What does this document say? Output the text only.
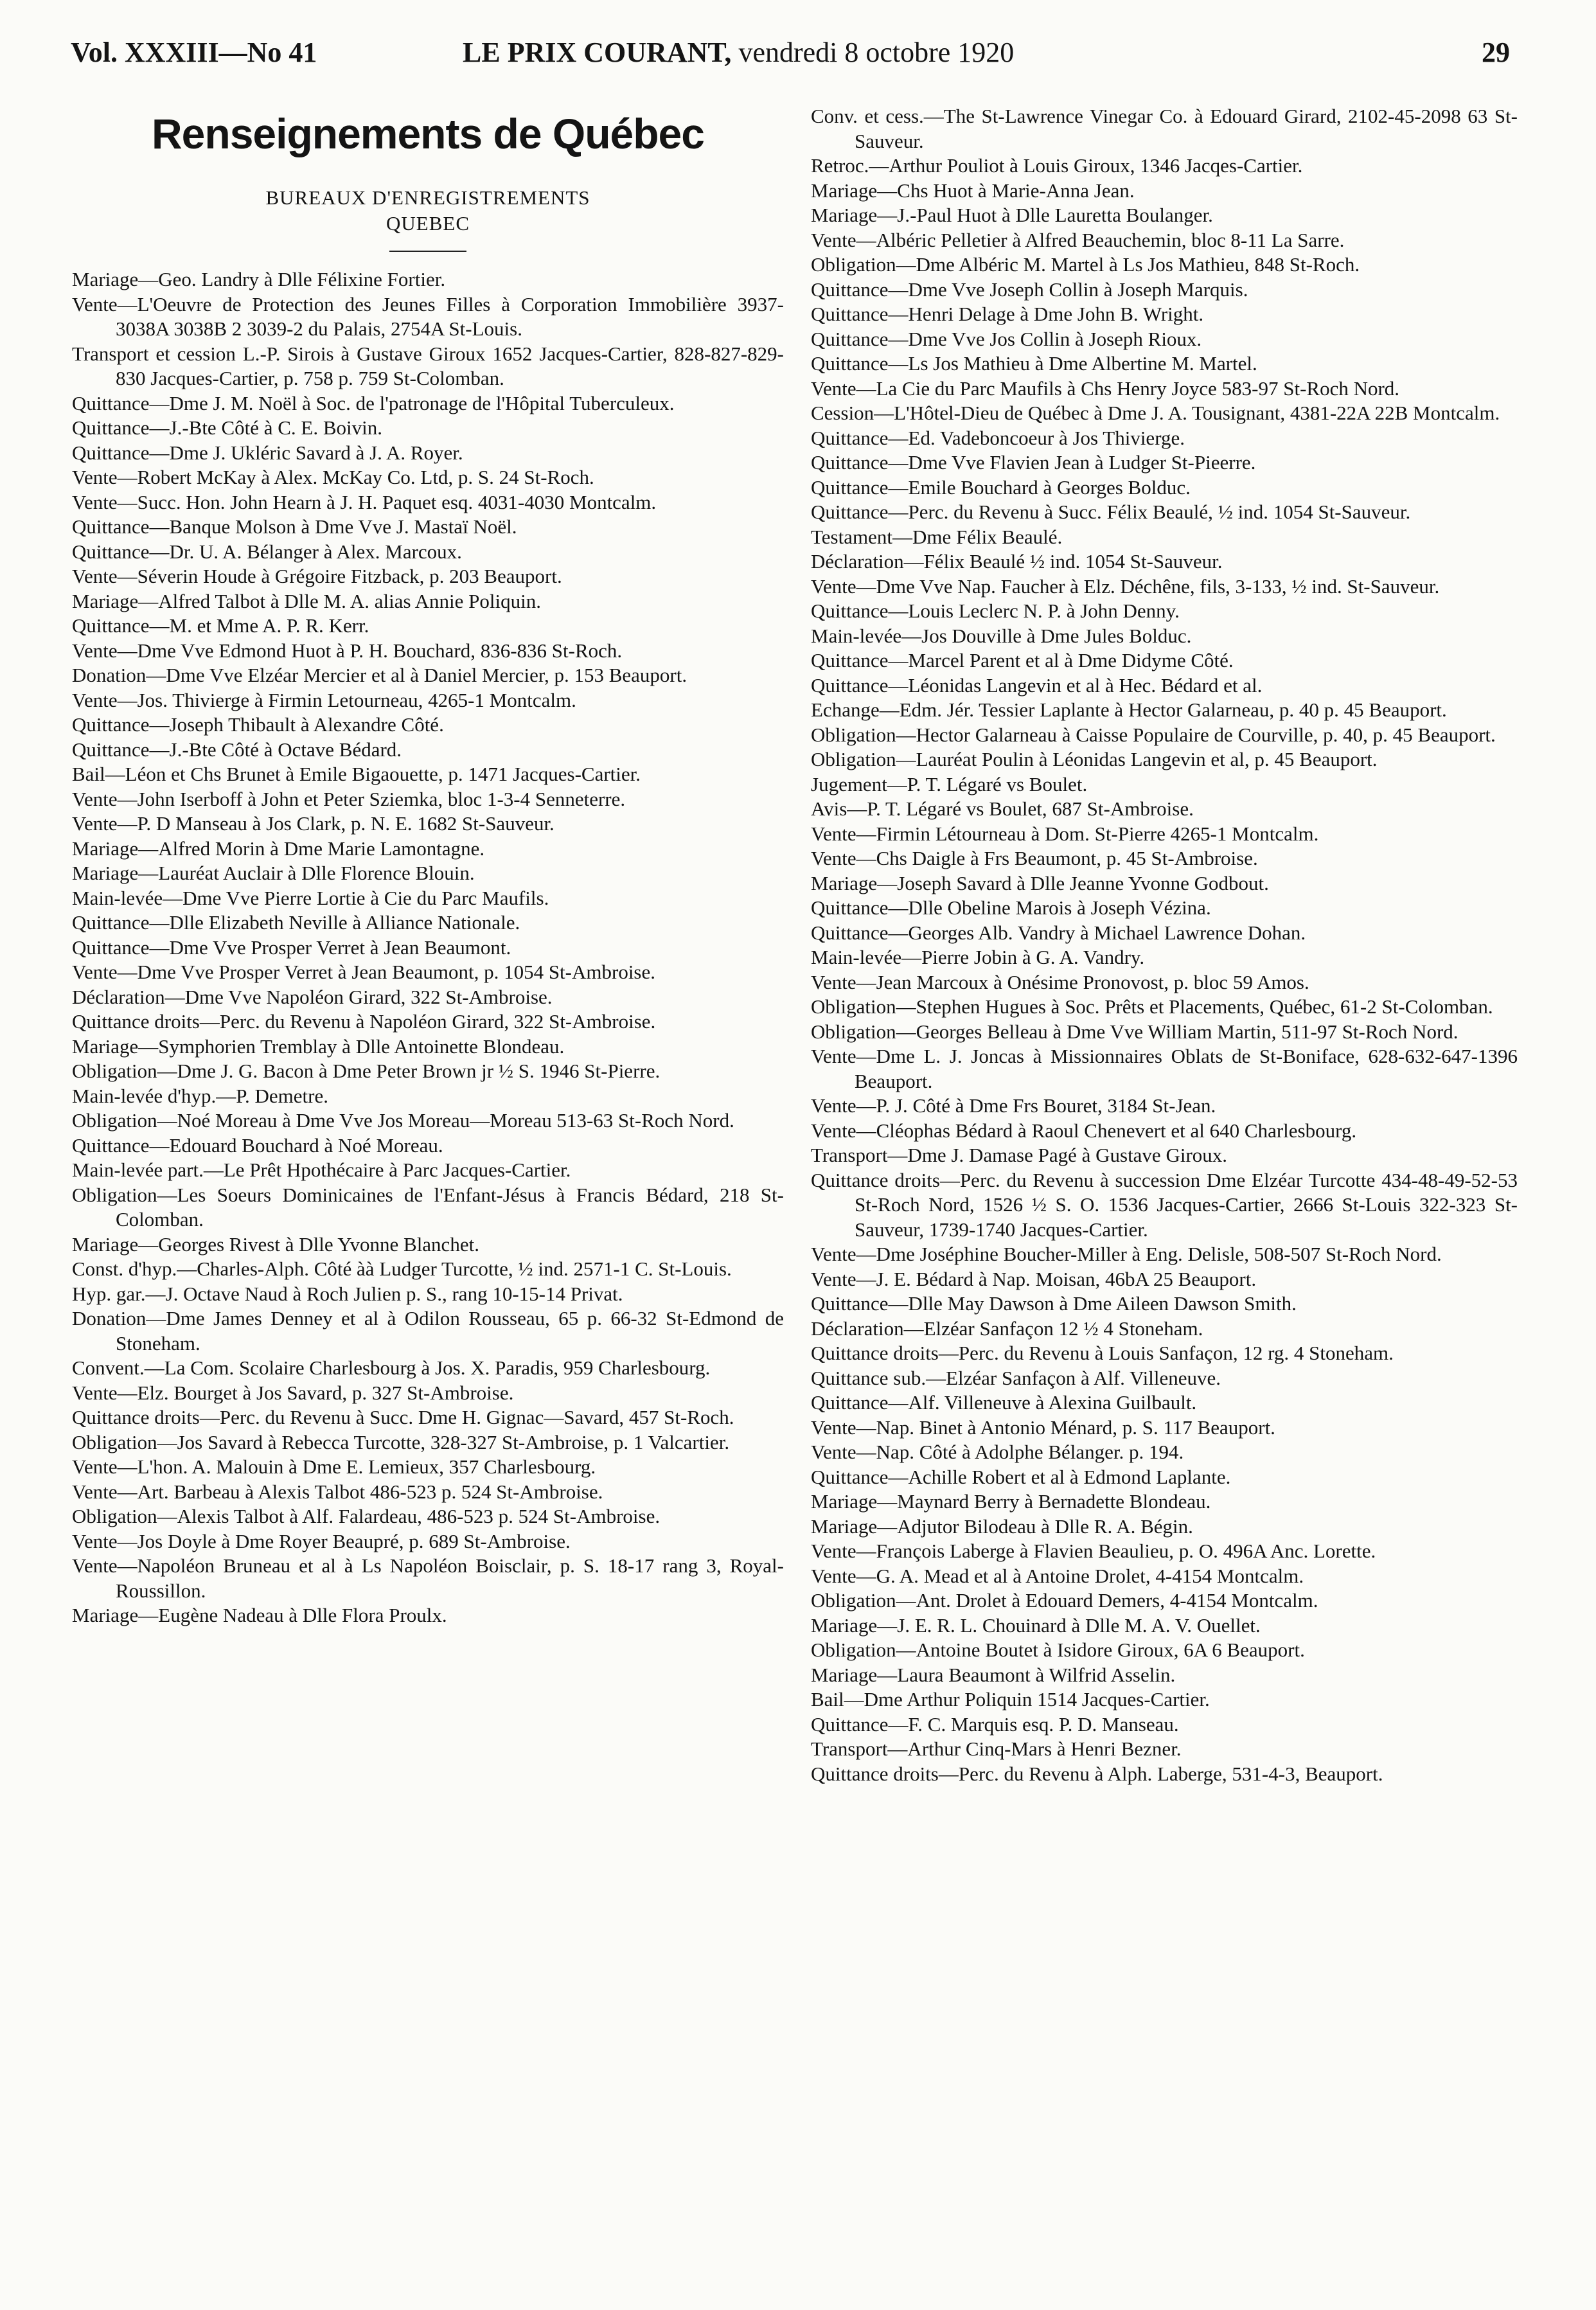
Vol. XXXIII—No 41	LE PRIX COURANT, vendredi 8 octobre 1920	29
Renseignements de Québec
BUREAUX D'ENREGISTREMENTS
QUEBEC

Mariage—Geo. Landry à Dlle Félixine Fortier.

Vente—L'Oeuvre de Protection des Jeunes Filles à Corporation Immobilière 3937-3038A 3038B 2 3039-2 du Palais, 2754A St-Louis.

Transport et cession L.-P. Sirois à Gustave Giroux 1652 Jacques-Cartier, 828-827-829-830 Jacques-Cartier, p. 758 p. 759 St-Colomban.

Quittance—Dme J. M. Noël à Soc. de l'patronage de l'Hôpital Tuberculeux.

Quittance—J.-Bte Côté à C. E. Boivin.

Quittance—Dme J. Ukléric Savard à J. A. Royer.

Vente—Robert McKay à Alex. McKay Co. Ltd, p. S. 24 St-Roch.

Vente—Succ. Hon. John Hearn à J. H. Paquet esq. 4031-4030 Montcalm.

Quittance—Banque Molson à Dme Vve J. Mastaï Noël.

Quittance—Dr. U. A. Bélanger à Alex. Marcoux.

Vente—Séverin Houde à Grégoire Fitzback, p. 203 Beauport.

Mariage—Alfred Talbot à Dlle M. A. alias Annie Poliquin.

Quittance—M. et Mme A. P. R. Kerr.

Vente—Dme Vve Edmond Huot à P. H. Bouchard, 836-836 St-Roch.

Donation—Dme Vve Elzéar Mercier et al à Daniel Mercier, p. 153 Beauport.

Vente—Jos. Thivierge à Firmin Letourneau, 4265-1 Montcalm.

Quittance—Joseph Thibault à Alexandre Côté.

Quittance—J.-Bte Côté à Octave Bédard.

Bail—Léon et Chs Brunet à Emile Bigaouette, p. 1471 Jacques-Cartier.

Vente—John Iserboff à John et Peter Sziemka, bloc 1-3-4 Senneterre.

Vente—P. D Manseau à Jos Clark, p. N. E. 1682 St-Sauveur.

Mariage—Alfred Morin à Dme Marie Lamontagne.

Mariage—Lauréat Auclair à Dlle Florence Blouin.

Main-levée—Dme Vve Pierre Lortie à Cie du Parc Maufils.

Quittance—Dlle Elizabeth Neville à Alliance Nationale.

Quittance—Dme Vve Prosper Verret à Jean Beaumont.

Vente—Dme Vve Prosper Verret à Jean Beaumont, p. 1054 St-Ambroise.

Déclaration—Dme Vve Napoléon Girard, 322 St-Ambroise.

Quittance droits—Perc. du Revenu à Napoléon Girard, 322 St-Ambroise.

Mariage—Symphorien Tremblay à Dlle Antoinette Blondeau.

Obligation—Dme J. G. Bacon à Dme Peter Brown jr ½ S. 1946 St-Pierre.

Main-levée d'hyp.—P. Demetre.

Obligation—Noé Moreau à Dme Vve Jos Moreau—Moreau 513-63 St-Roch Nord.

Quittance—Edouard Bouchard à Noé Moreau.

Main-levée part.—Le Prêt Hpothécaire à Parc Jacques-Cartier.

Obligation—Les Soeurs Dominicaines de l'Enfant-Jésus à Francis Bédard, 218 St-Colomban.

Mariage—Georges Rivest à Dlle Yvonne Blanchet.

Const. d'hyp.—Charles-Alph. Côté àà Ludger Turcotte, ½ ind. 2571-1 C. St-Louis.

Hyp. gar.—J. Octave Naud à Roch Julien p. S., rang 10-15-14 Privat.

Donation—Dme James Denney et al à Odilon Rousseau, 65 p. 66-32 St-Edmond de Stoneham.

Convent.—La Com. Scolaire Charlesbourg à Jos. X. Paradis, 959 Charlesbourg.

Vente—Elz. Bourget à Jos Savard, p. 327 St-Ambroise.

Quittance droits—Perc. du Revenu à Succ. Dme H. Gignac—Savard, 457 St-Roch.

Obligation—Jos Savard à Rebecca Turcotte, 328-327 St-Ambroise, p. 1 Valcartier.

Vente—L'hon. A. Malouin à Dme E. Lemieux, 357 Charlesbourg.

Vente—Art. Barbeau à Alexis Talbot 486-523 p. 524 St-Ambroise.

Obligation—Alexis Talbot à Alf. Falardeau, 486-523 p. 524 St-Ambroise.

Vente—Jos Doyle à Dme Royer Beaupré, p. 689 St-Ambroise.

Vente—Napoléon Bruneau et al à Ls Napoléon Boisclair, p. S. 18-17 rang 3, Royal-Roussillon.

Mariage—Eugène Nadeau à Dlle Flora Proulx.

Conv. et cess.—The St-Lawrence Vinegar Co. à Edouard Girard, 2102-45-2098 63 St-Sauveur.

Retroc.—Arthur Pouliot à Louis Giroux, 1346 Jacqes-Cartier.

Mariage—Chs Huot à Marie-Anna Jean.

Mariage—J.-Paul Huot à Dlle Lauretta Boulanger.

Vente—Albéric Pelletier à Alfred Beauchemin, bloc 8-11 La Sarre.

Obligation—Dme Albéric M. Martel à Ls Jos Mathieu, 848 St-Roch.

Quittance—Dme Vve Joseph Collin à Joseph Marquis.

Quittance—Henri Delage à Dme John B. Wright.

Quittance—Dme Vve Jos Collin à Joseph Rioux.

Quittance—Ls Jos Mathieu à Dme Albertine M. Martel.

Vente—La Cie du Parc Maufils à Chs Henry Joyce 583-97 St-Roch Nord.

Cession—L'Hôtel-Dieu de Québec à Dme J. A. Tousignant, 4381-22A 22B Montcalm.

Quittance—Ed. Vadeboncoeur à Jos Thivierge.

Quittance—Dme Vve Flavien Jean à Ludger St-Pieerre.

Quittance—Emile Bouchard à Georges Bolduc.

Quittance—Perc. du Revenu à Succ. Félix Beaulé, ½ ind. 1054 St-Sauveur.

Testament—Dme Félix Beaulé.

Déclaration—Félix Beaulé ½ ind. 1054 St-Sauveur.

Vente—Dme Vve Nap. Faucher à Elz. Déchêne, fils, 3-133, ½ ind. St-Sauveur.

Quittance—Louis Leclerc N. P. à John Denny.

Main-levée—Jos Douville à Dme Jules Bolduc.

Quittance—Marcel Parent et al à Dme Didyme Côté.

Quittance—Léonidas Langevin et al à Hec. Bédard et al.

Echange—Edm. Jér. Tessier Laplante à Hector Galarneau, p. 40 p. 45 Beauport.

Obligation—Hector Galarneau à Caisse Populaire de Courville, p. 40, p. 45 Beauport.

Obligation—Lauréat Poulin à Léonidas Langevin et al, p. 45 Beauport.

Jugement—P. T. Légaré vs Boulet.

Avis—P. T. Légaré vs Boulet, 687 St-Ambroise.

Vente—Firmin Létourneau à Dom. St-Pierre 4265-1 Montcalm.

Vente—Chs Daigle à Frs Beaumont, p. 45 St-Ambroise.

Mariage—Joseph Savard à Dlle Jeanne Yvonne Godbout.

Quittance—Dlle Obeline Marois à Joseph Vézina.

Quittance—Georges Alb. Vandry à Michael Lawrence Dohan.

Main-levée—Pierre Jobin à G. A. Vandry.

Vente—Jean Marcoux à Onésime Pronovost, p. bloc 59 Amos.

Obligation—Stephen Hugues à Soc. Prêts et Placements, Québec, 61-2 St-Colomban.

Obligation—Georges Belleau à Dme Vve William Martin, 511-97 St-Roch Nord.

Vente—Dme L. J. Joncas à Missionnaires Oblats de St-Boniface, 628-632-647-1396 Beauport.

Vente—P. J. Côté à Dme Frs Bouret, 3184 St-Jean.

Vente—Cléophas Bédard à Raoul Chenevert et al 640 Charlesbourg.

Transport—Dme J. Damase Pagé à Gustave Giroux.

Quittance droits—Perc. du Revenu à succession Dme Elzéar Turcotte 434-48-49-52-53 St-Roch Nord, 1526 ½ S. O. 1536 Jacques-Cartier, 2666 St-Louis 322-323 St-Sauveur, 1739-1740 Jacques-Cartier.

Vente—Dme Joséphine Boucher-Miller à Eng. Delisle, 508-507 St-Roch Nord.

Vente—J. E. Bédard à Nap. Moisan, 46bA 25 Beauport.

Quittance—Dlle May Dawson à Dme Aileen Dawson Smith.

Déclaration—Elzéar Sanfaçon 12 ½ 4 Stoneham.

Quittance droits—Perc. du Revenu à Louis Sanfaçon, 12 rg. 4 Stoneham.

Quittance sub.—Elzéar Sanfaçon à Alf. Villeneuve.

Quittance—Alf. Villeneuve à Alexina Guilbault.

Vente—Nap. Binet à Antonio Ménard, p. S. 117 Beauport.

Vente—Nap. Côté à Adolphe Bélanger. p. 194.

Quittance—Achille Robert et al à Edmond Laplante.

Mariage—Maynard Berry à Bernadette Blondeau.

Mariage—Adjutor Bilodeau à Dlle R. A. Bégin.

Vente—François Laberge à Flavien Beaulieu, p. O. 496A Anc. Lorette.

Vente—G. A. Mead et al à Antoine Drolet, 4-4154 Montcalm.

Obligation—Ant. Drolet à Edouard Demers, 4-4154 Montcalm.

Mariage—J. E. R. L. Chouinard à Dlle M. A. V. Ouellet.

Obligation—Antoine Boutet à Isidore Giroux, 6A 6 Beauport.

Mariage—Laura Beaumont à Wilfrid Asselin.

Bail—Dme Arthur Poliquin 1514 Jacques-Cartier.

Quittance—F. C. Marquis esq. P. D. Manseau.

Transport—Arthur Cinq-Mars à Henri Bezner.

Quittance droits—Perc. du Revenu à Alph. Laberge, 531-4-3, Beauport.
